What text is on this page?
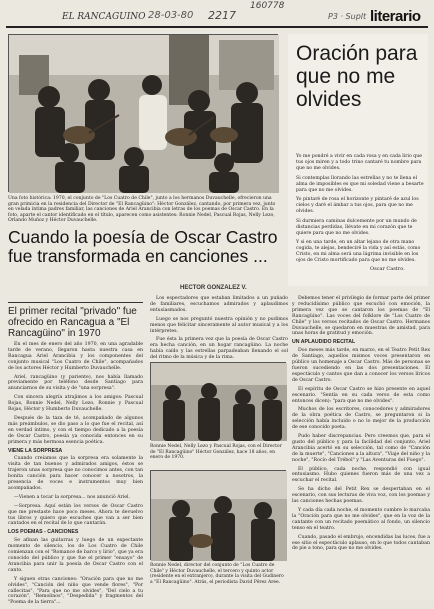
160778
EL RANCAGUINO 28-03-80 2217	P3 · Suplt literario
Una foto histórica: 1970, el conjunto de "Los Cuatro de Chile", junto a los hermanos Duvauchelle, ofrecieron una gran primicia en la residencia del Director de "El Rancagüino": Héctor González, cantando, por primera vez, junto en velada íntima padres familiar, las canciones de Ariel Arancibia con letras de los poemas de Oscar Castro. En la foto, aparte el cantor identificado en el título, aparecen como asistentes: Ronnie Nedel, Pascual Rojas, Nelly Lezo, Orlando Muñoz y Héctor Duvauchelle.
Cuando la poesía de Oscar Castro fue transformada en canciones ...
HECTOR GONZALEZ V.
Oración para que no me olvides

Yo me pondré a vivir en cada rosa y en cada lirio que tus ojos miren y a todo trino cantaré tu nombre para que no me olvides.

Si contemplas llorando las estrellas y no te llena el alma de imposibles es que mi soledad viene a besarte para que no me olvides.

Yo pintaré de rosa el horizonte y pintaré de azul los cielos y daré el ámbar a tus ojos, para que no me olvides.

Si durmiera caminas dulcemente por un mundo de distancias perdidas, llévate en mi corazón que te quiere para que no me olvides.

Y si en una tarde, en un altar lejano de otra mano cogida, te alejas, bendeciré la vida y así estás, como Cristo, en mi alma será una lágrima invisible en los ojos de Cristo mortificado para que no me olvides.

Oscar Castro.
El primer recital "privado" fue ofrecido en Rancagua a "El Rancagüino" in 1970

En el mes de enero del año 1970, en una agradable tarde de verano, llegaron hasta nuestra casa en Rancagua Ariel Arancibia y los componentes del conjunto musical "Los Cuatro de Chile", acompañados de los actores Héctor y Humberto Duvauchelle.

Ariel, rancagüino (y pariente), nos había llamado previamente por teléfono desde Santiago para anunciarnos de su visita y de "una sorpresa".

Con sincera alegría atrajimos a los amigos: Pascual Rojas, Ronnie Nedel, Nelly Lezo, Ronnie y Pascual Rojas, Héctor y Humberto Duvauchelle.

Después de la taza de té, acompañado de algunos más preámbulos, se dio paso a lo que fue el recital, así en verdad íntimo, y con el tiempo dedicado a la poesía de Oscar Castro, poesía ya conocida entonces en su primera y más hermosa esencia poética.

VIENE LA SORPRESA

Cuando creíamos que la sorpresa era solamente la visita de tan buenos y admirados amigos, éstos se trajeron unas sorpresa que no conocimos antes, con tan bonita canción para hacer conocer a nosotros, la presencia de voces e instrumentos muy bien acompañados.

—Vienen a tocar la sorpresa... nos anunció Ariel.

—Sorpresa. Aquí están los versos de Oscar Castro que me prestaste hace poco meses. Ahora te devuelvo tus libros y quiero que escuches que van a ser bien cantados en el recital de lo que cantarán.

LOS POEMAS - CANCIONES

Se afinan las guitarras y luego de un expectante momento de silencio, los de Los Cuatro de Chile comienzan con el "Romance de barco y lirio", que ya era conocido del público y que fue el primer "ensayo" de Arancibia para unir la poesía de Oscar Castro con el canto.

Y siguen otras canciones: "Oración para que no me olvides", "Canción del niño que vende flores", "Por callecitas", "Para que no me olvides", "Del cielo a tu corazón", "Remolinos", "Despedida" y fragmentos del "Poema de la tierra"...

Los espectadores que estaban limitados a un puñado de familiares, escuchamos admirados y aplaudimos entusiasmados.

Luego se nos preguntó nuestra opinión y no pudimos menos que felicitar sinceramente al autor musical y a los intérpretes.

Fue ésta la primera vez que la poesía de Oscar Castro era hecha canción, en un hogar rancagüino. La noche había caído y las estrellas parpadeaban llenando el sol del ritmo de la música y de la rima.

Ronnie Nedel, Nelly Lezo y Pascual Rojas, con el Director de "El Rancagüino" Héctor González, hace 18 años, en enero de 1970.
Ronnie Nedel, director del conjunto de "Los Cuatro de Chile" y Héctor Duvauchelle, el tercero y quinto actor (residente en el extranjero), durante la visita del Gudinero a "El Rancagüino". Atrás, el periodista David Pérez Aree.

Debemos tener el privilegio de formar parte del primer y reducidísimo público que escuchó con emoción, la primera vez que se cantaron los poemas de "El Rancagüino". Las voces del folklore de "Los Cuatro de Chile" y los versos recitados de Oscar Castro. Hermanos Duvauchelle, se quedaron en muestras de amistad, para unas horas de gratitud y emoción.

UN APLAUDIDO RECITAL

Dos meses más tarde, en marzo, en el Teatro Petit Rex de Santiago, aquellos mismos voces presentaron en público un homenaje a Oscar Castro. Más de personas se fueron sucediendo en las dos presentaciones. El espectáculo y cantos que dan a conocer los versos líricos de Oscar Castro.

El espíritu de Oscar Castro se hizo presente en aquel escenario. "Sentía en su cada verso de esta como entonces dicen): "para que no me olvides".

Muchos de los escritores, conocedores y admiradores de la obra poética de Castro, se preguntaron si la selección había incluido o no lo mejor de la producción de ese conocido poeta.

Pudo haber discrepancias. Pero creemos que, para el gusto del público y para la facilidad del conjunto, Ariel Arancibia acertó en su selección, tal como de "Canción de la muerte", "Canciones a la altura", "Viaje del niño y la noche", "Rocío del Trébol" y "Las Aventuras del Fuego".

El público, cada noche, respondió con igual entusiasmo. Hubo quienes fueron más de una vez a escuchar el recital.

Se ha dicho del Petit Rex se despertaban en el escenario, con sus lecturas de viva voz, con los poemas y las canciones hechas poemas.

Y cada día cada noche, el momento cumbre lo marcaba la "Oración para que no me olvides", que en la voz de la cantante con un recitado poemático al fondo, un silencio tenso en el teatro.

Cuando, pasado el embrujo, encendidas las luces, fue a ese sitio el espectáculo aplauso, en lo que todos cantaban de pie a tono, para que no me olvides.
